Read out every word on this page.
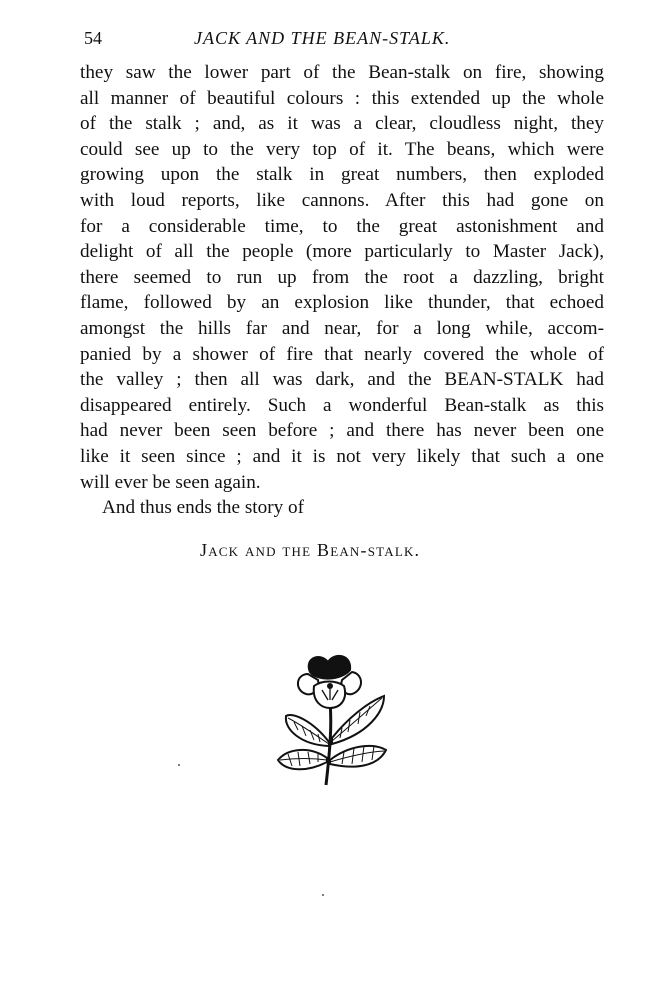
54	JACK AND THE BEAN-STALK.
they saw the lower part of the Bean-stalk on fire, showing
all manner of beautiful colours : this extended up the whole
of the stalk ; and, as it was a clear, cloudless night, they
could see up to the very top of it. The beans, which were
growing upon the stalk in great numbers, then exploded
with loud reports, like cannons. After this had gone on
for a considerable time, to the great astonishment and
delight of all the people (more particularly to Master Jack),
there seemed to run up from the root a dazzling, bright
flame, followed by an explosion like thunder, that echoed
amongst the hills far and near, for a long while, accom-
panied by a shower of fire that nearly covered the whole of
the valley ; then all was dark, and the BEAN-STALK had
disappeared entirely. Such a wonderful Bean-stalk as this
had never been seen before ; and there has never been one
like it seen since ; and it is not very likely that such a one
will ever be seen again.
And thus ends the story of
Jack and the Bean-stalk.
